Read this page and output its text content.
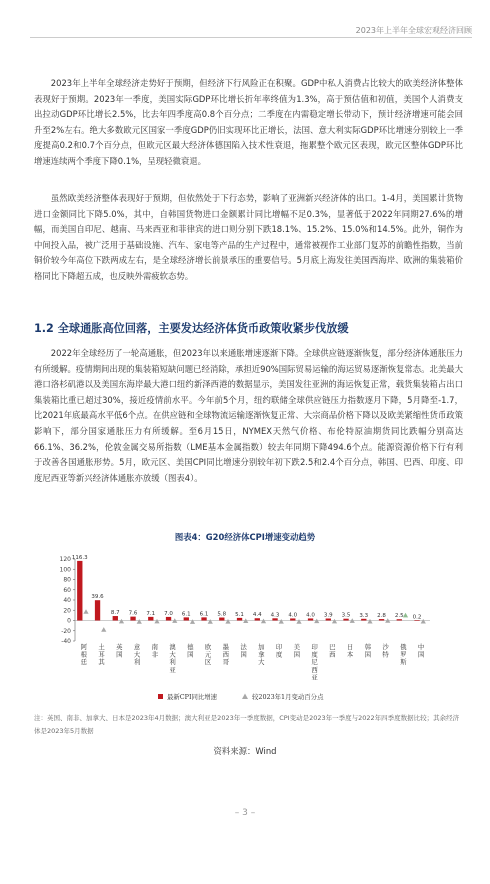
2023年上半年全球宏观经济回顾

2023年上半年全球经济走势好于预期，但经济下行风险正在积聚。GDP中私人消费占比较大的欧美经济体整体表现好于预期。2023年一季度，美国实际GDP环比增长折年率终值为1.3%，高于预估值和初值，美国个人消费支出拉动GDP环比增长2.5%，比去年四季度高0.8个百分点；二季度在内需稳定增长带动下，预计经济增速可能会回升至2%左右。绝大多数欧元区国家一季度GDP仍旧实现环比正增长，法国、意大利实际GDP环比增速分别较上一季度提高0.2和0.7个百分点，但欧元区最大经济体德国陷入技术性衰退，拖累整个欧元区表现，欧元区整体GDP环比增速连续两个季度下降0.1%，呈现轻微衰退。

虽然欧美经济整体表现好于预期，但依然处于下行态势，影响了亚洲新兴经济体的出口。1-4月，美国累计货物进口金额同比下降5.0%，其中，自韩国货物进口金额累计同比增幅不足0.3%，显著低于2022年同期27.6%的增幅，而美国自印尼、越南、马来西亚和菲律宾的进口则分别下跌18.1%、15.2%、15.0%和14.5%。此外，铜作为中间投入品，被广泛用于基础设施、汽车、家电等产品的生产过程中，通常被视作工业部门复苏的前瞻性指数，当前铜价较今年高位下跌两成左右，是全球经济增长前景承压的重要信号。5月底上海发往美国西海岸、欧洲的集装箱价格同比下降超五成，也反映外需疲软态势。

1.2 全球通胀高位回落，主要发达经济体货币政策收紧步伐放缓

2022年全球经历了一轮高通胀，但2023年以来通胀增速逐渐下降。全球供应链逐渐恢复，部分经济体通胀压力有所缓解。疫情期间出现的集装箱短缺问题已经消除，承担近90%国际贸易运输的海运贸易逐渐恢复常态。北美最大港口洛杉矶港以及美国东海岸最大港口纽约新泽西港的数据显示，美国发往亚洲的海运恢复正常，载货集装箱占出口集装箱比重已超过30%，接近疫情前水平。今年前5个月，纽约联储全球供应链压力指数逐月下降，5月降至-1.7，比2021年底最高水平低6个点。在供应链和全球物流运输逐渐恢复正常、大宗商品价格下降以及欧美紧缩性货币政策影响下，部分国家通胀压力有所缓解。至6月15日，NYMEX天然气价格、布伦特原油期货同比跌幅分别高达66.1%、36.2%，伦敦金属交易所指数（LME基本金属指数）较去年同期下降494.6个点。能源资源价格下行有利于改善各国通胀形势。5月，欧元区、美国CPI同比增速分别较年初下跌2.5和2.4个百分点，韩国、巴西、印度、印度尼西亚等新兴经济体通胀亦放缓（图表4）。

图表4：G20经济体CPI增速变动趋势
120
100
80
60
40
20
0
-20
-40
116.3
阿根廷
39.6
土耳其
8.7
英国
7.6
意大利
7.1
南非
7.0
澳大利亚
6.1
德国
6.1
欧元区
5.8
墨西哥
5.1
法国
4.4
加拿大
4.3
印度
4.0
美国
4.0
印度尼西亚
3.9
巴西
3.5
日本
3.3
韩国
2.8
沙特
2.5
俄罗斯
0.2
中国
最新CPI同比增速	较2023年1月变动百分点

注：英国、南非、加拿大、日本是2023年4月数据；澳大利亚是2023年一季度数据，CPI变动是2023年一季度与2022年四季度数据比较；其余经济体是2023年5月数据

资料来源：Wind
– 3 –
